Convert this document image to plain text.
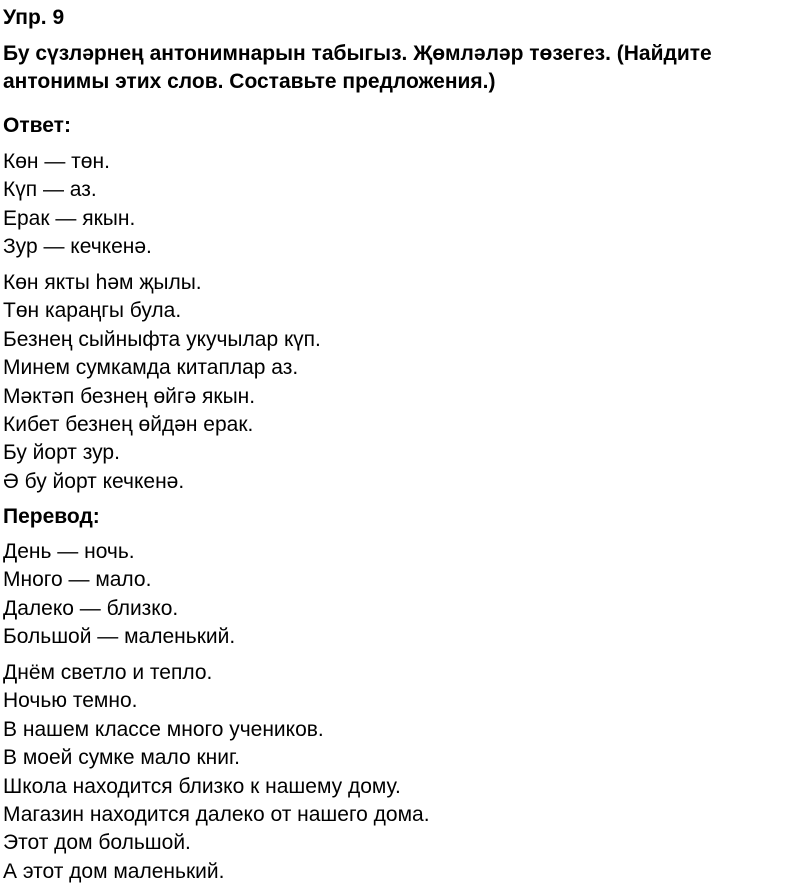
Упр. 9
Бу сүзләрнең антонимнарын табыгыз. Җөмләләр төзегез. (Найдите антонимы этих слов. Составьте предложения.)
Ответ:
Көн — төн.
Күп — аз.
Ерак — якын.
Зур — кечкенә.
Көн якты һәм җылы.
Төн караңгы була.
Безнең сыйныфта укучылар күп.
Минем сумкамда китаплар аз.
Мәктәп безнең өйгә якын.
Кибет безнең өйдән ерак.
Бу йорт зур.
Ә бу йорт кечкенә.
Перевод:
День — ночь.
Много — мало.
Далеко — близко.
Большой — маленький.
Днём светло и тепло.
Ночью темно.
В нашем классе много учеников.
В моей сумке мало книг.
Школа находится близко к нашему дому.
Магазин находится далеко от нашего дома.
Этот дом большой.
А этот дом маленький.
